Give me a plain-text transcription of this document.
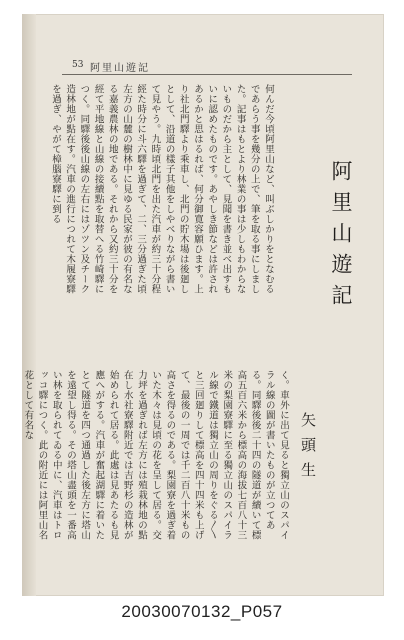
53 阿里山遊記
何んだ今頃阿里山など、叫ぶしかりをとなむるであらう事を幾分の上で、筆を取る事にしました。記事はもとより林業の事は少しもわからないものだから主として、見聞を書き並べ出すもいに認めたものです。あやしき節などは許されあるかと思はるれば、何分御寛容願ひます。上り社北門驛より乘車し、北門の貯木場は後廻しとして、沿道の樣子其他をしやべりながら書いて見やう。九時頃北門を出た汽車が約三十分程經た時分に斗六驛を過ぎて、二、三分過ぎた頃左方の山麓の樹林中に見ゆる民家が彼の有名なる嘉義農林の地である。それから又約三十分を經て平地線と山線の接續點を取替へる竹崎驛につく。同驛後後山線の左右にはゾツン及チーク造林地が點在す。汽車の進行につれて木履寮驛を過ぎ、やがて樟腦寮驛に到る
く。車外に出て見ると獨立山のスパイラル線の圖が書いたものが立つてある。同驛後後二十四の隧道が續いて標高五百六米から標高の海拔七百八十三米の梨園寮驛に至る獨立山のスパイラル線で鐵道は獨立山の周りをぐる〳〵と三回廻りして標高を四十四米も上げて、最後の一周では千二百八十米もの高さを得るのである。梨園寮を過ぎ着いた木々は見頃の花を呈して居る。交力坪を過ぎれば左方には殖栽林地の點在し水社寮驛附近では吉野杉の造林が始められて居る。此處は見あたるも見應へがする。汽車が奮起湖驛に着いたとて隧道を四つ通過した後左方に塔山を遠望し得る。その塔山盡頭を一番高い林を取られてゐる中に、汽車はトロッコ驛につく。此の附近には阿里山名花として有名な
阿里山遊記
矢頭生
20030070132_P057
